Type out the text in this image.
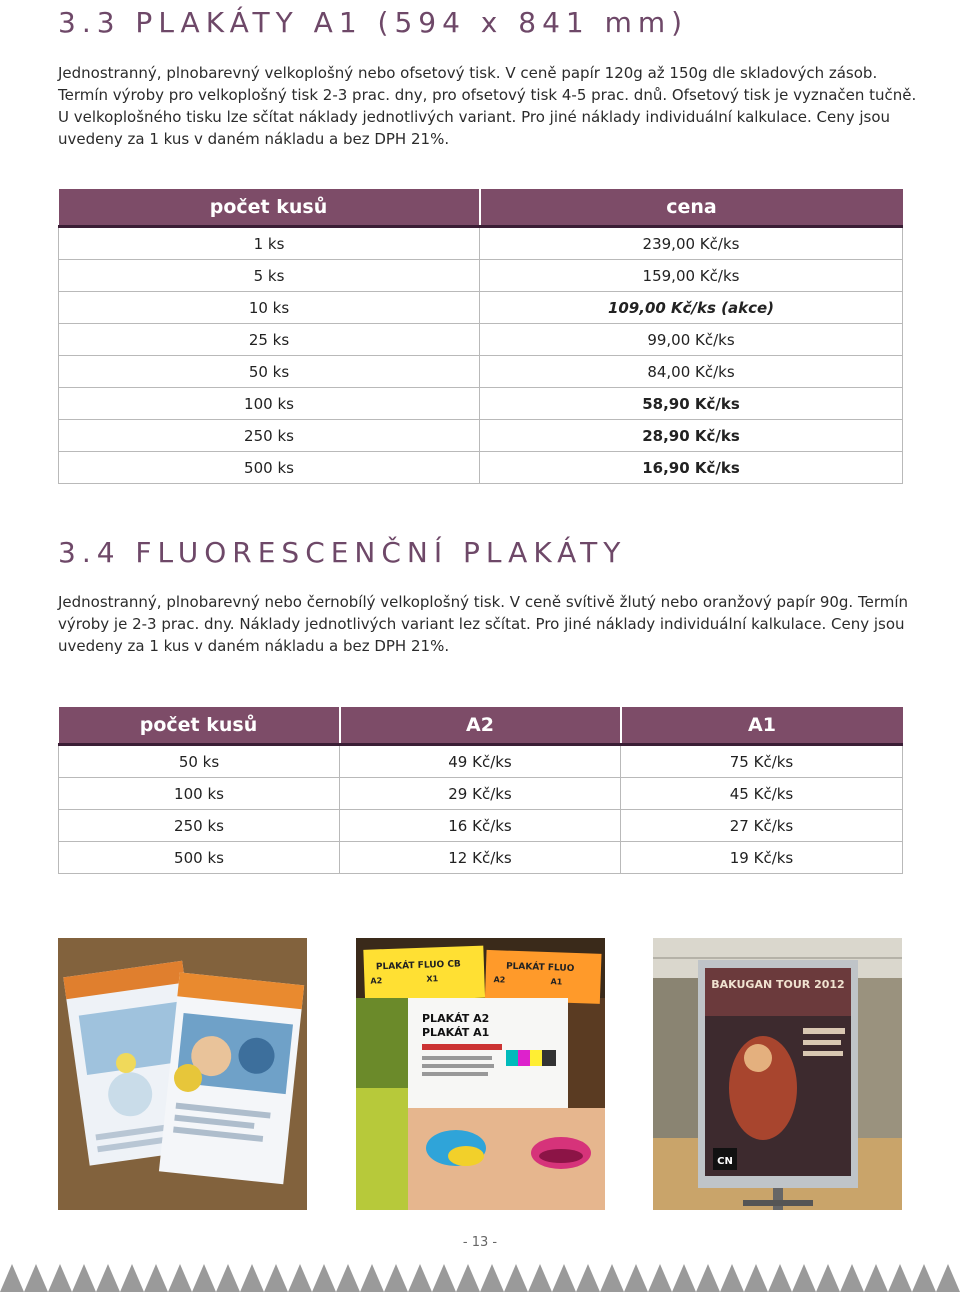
3.3 PLAKÁTY A1 (594 x 841 mm)
Jednostranný, plnobarevný velkoplošný nebo ofsetový tisk. V ceně papír 120g až 150g dle skladových zásob.
Termín výroby pro velkoplošný tisk 2-3 prac. dny, pro ofsetový tisk 4-5 prac. dnů. Ofsetový tisk je vyznačen tučně.
U velkoplošného tisku lze sčítat náklady jednotlivých variant. Pro jiné náklady individuální kalkulace. Ceny jsou
uvedeny za 1 kus v daném nákladu a bez DPH 21%.
počet kusů	cena
1 ks	239,00 Kč/ks
5 ks	159,00 Kč/ks
10 ks	109,00 Kč/ks (akce)
25 ks	99,00 Kč/ks
50 ks	84,00 Kč/ks
100 ks	58,90 Kč/ks
250 ks	28,90 Kč/ks
500 ks	16,90 Kč/ks
3.4 FLUORESCENČNÍ PLAKÁTY
Jednostranný, plnobarevný nebo černobílý velkoplošný tisk. V ceně svítivě žlutý nebo oranžový papír 90g. Termín
výroby je 2-3 prac. dny. Náklady jednotlivých variant lez sčítat. Pro jiné náklady individuální kalkulace. Ceny jsou
uvedeny za 1 kus v daném nákladu a bez DPH 21%.
počet kusů	A2	A1
50 ks	49 Kč/ks	75 Kč/ks
100 ks	29 Kč/ks	45 Kč/ks
250 ks	16 Kč/ks	27 Kč/ks
500 ks	12 Kč/ks	19 Kč/ks
PLAKÁT FLUO CB
A2	X1
PLAKÁT FLUO
A2	A1
PLAKÁT A2
PLAKÁT A1
BAKUGAN TOUR 2012
CN
- 13 -
